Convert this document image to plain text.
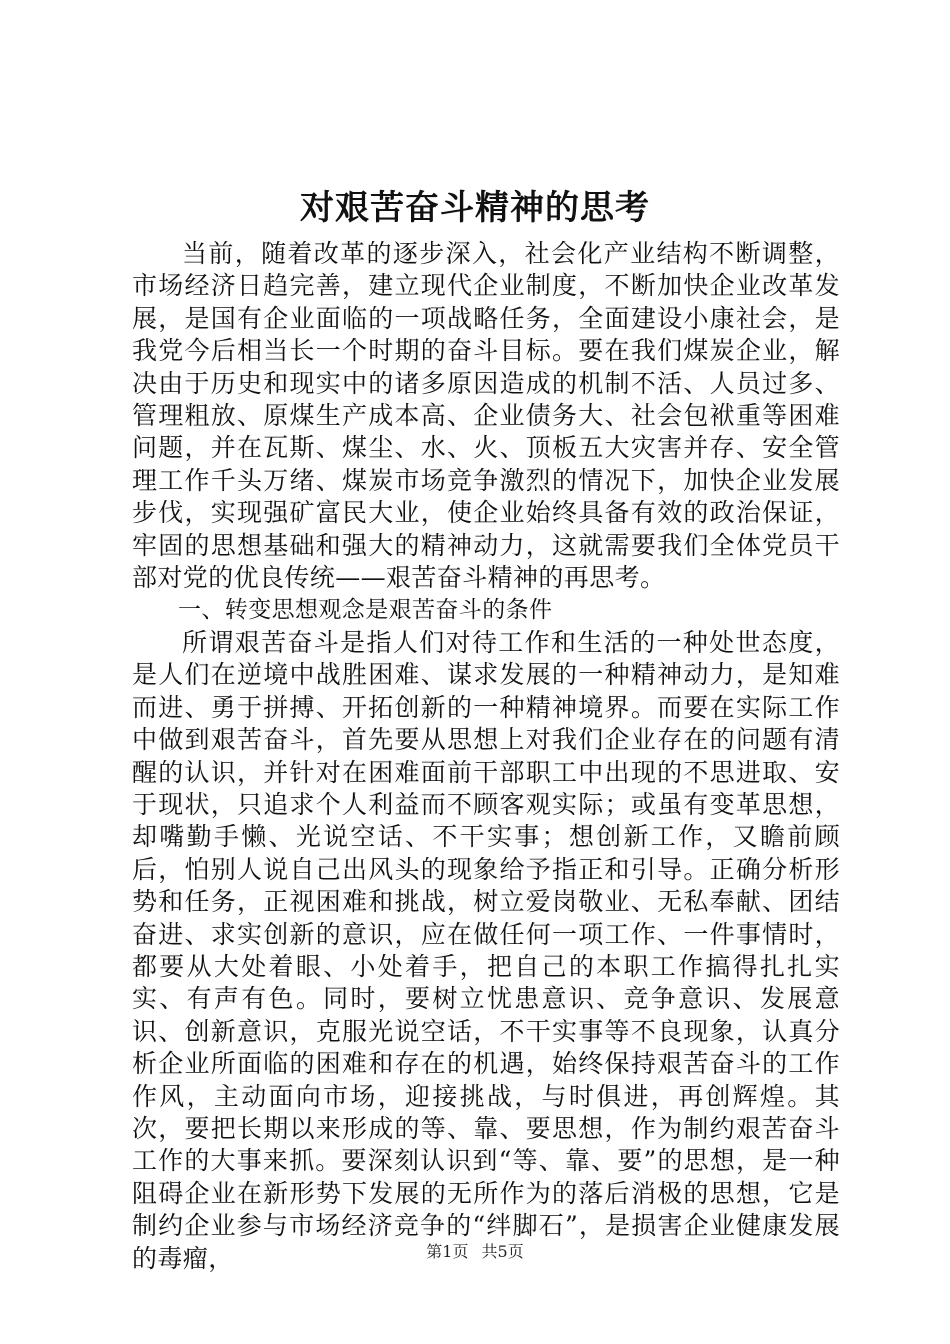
对艰苦奋斗精神的思考

当前，随着改革的逐步深入，社会化产业结构不断调整，市场经济日趋完善，建立现代企业制度，不断加快企业改革发展，是国有企业面临的一项战略任务，全面建设小康社会，是我党今后相当长一个时期的奋斗目标。要在我们煤炭企业，解决由于历史和现实中的诸多原因造成的机制不活、人员过多、管理粗放、原煤生产成本高、企业债务大、社会包袱重等困难问题，并在瓦斯、煤尘、水、火、顶板五大灾害并存、安全管理工作千头万绪、煤炭市场竞争激烈的情况下，加快企业发展步伐，实现强矿富民大业，使企业始终具备有效的政治保证，牢固的思想基础和强大的精神动力，这就需要我们全体党员干部对党的优良传统——艰苦奋斗精神的再思考。

一、转变思想观念是艰苦奋斗的条件

所谓艰苦奋斗是指人们对待工作和生活的一种处世态度，是人们在逆境中战胜困难、谋求发展的一种精神动力，是知难而进、勇于拼搏、开拓创新的一种精神境界。而要在实际工作中做到艰苦奋斗，首先要从思想上对我们企业存在的问题有清醒的认识，并针对在困难面前干部职工中出现的不思进取、安于现状，只追求个人利益而不顾客观实际；或虽有变革思想，却嘴勤手懒、光说空话、不干实事；想创新工作，又瞻前顾后，怕别人说自己出风头的现象给予指正和引导。正确分析形势和任务，正视困难和挑战，树立爱岗敬业、无私奉献、团结奋进、求实创新的意识，应在做任何一项工作、一件事情时，都要从大处着眼、小处着手，把自己的本职工作搞得扎扎实实、有声有色。同时，要树立忧患意识、竞争意识、发展意识、创新意识，克服光说空话，不干实事等不良现象，认真分析企业所面临的困难和存在的机遇，始终保持艰苦奋斗的工作作风，主动面向市场，迎接挑战，与时俱进，再创辉煌。其次，要把长期以来形成的等、靠、要思想，作为制约艰苦奋斗工作的大事来抓。要深刻认识到“等、靠、要”的思想，是一种阻碍企业在新形势下发展的无所作为的落后消极的思想，它是制约企业参与市场经济竞争的“绊脚石”，是损害企业健康发展的毒瘤，	第1页 共5页
